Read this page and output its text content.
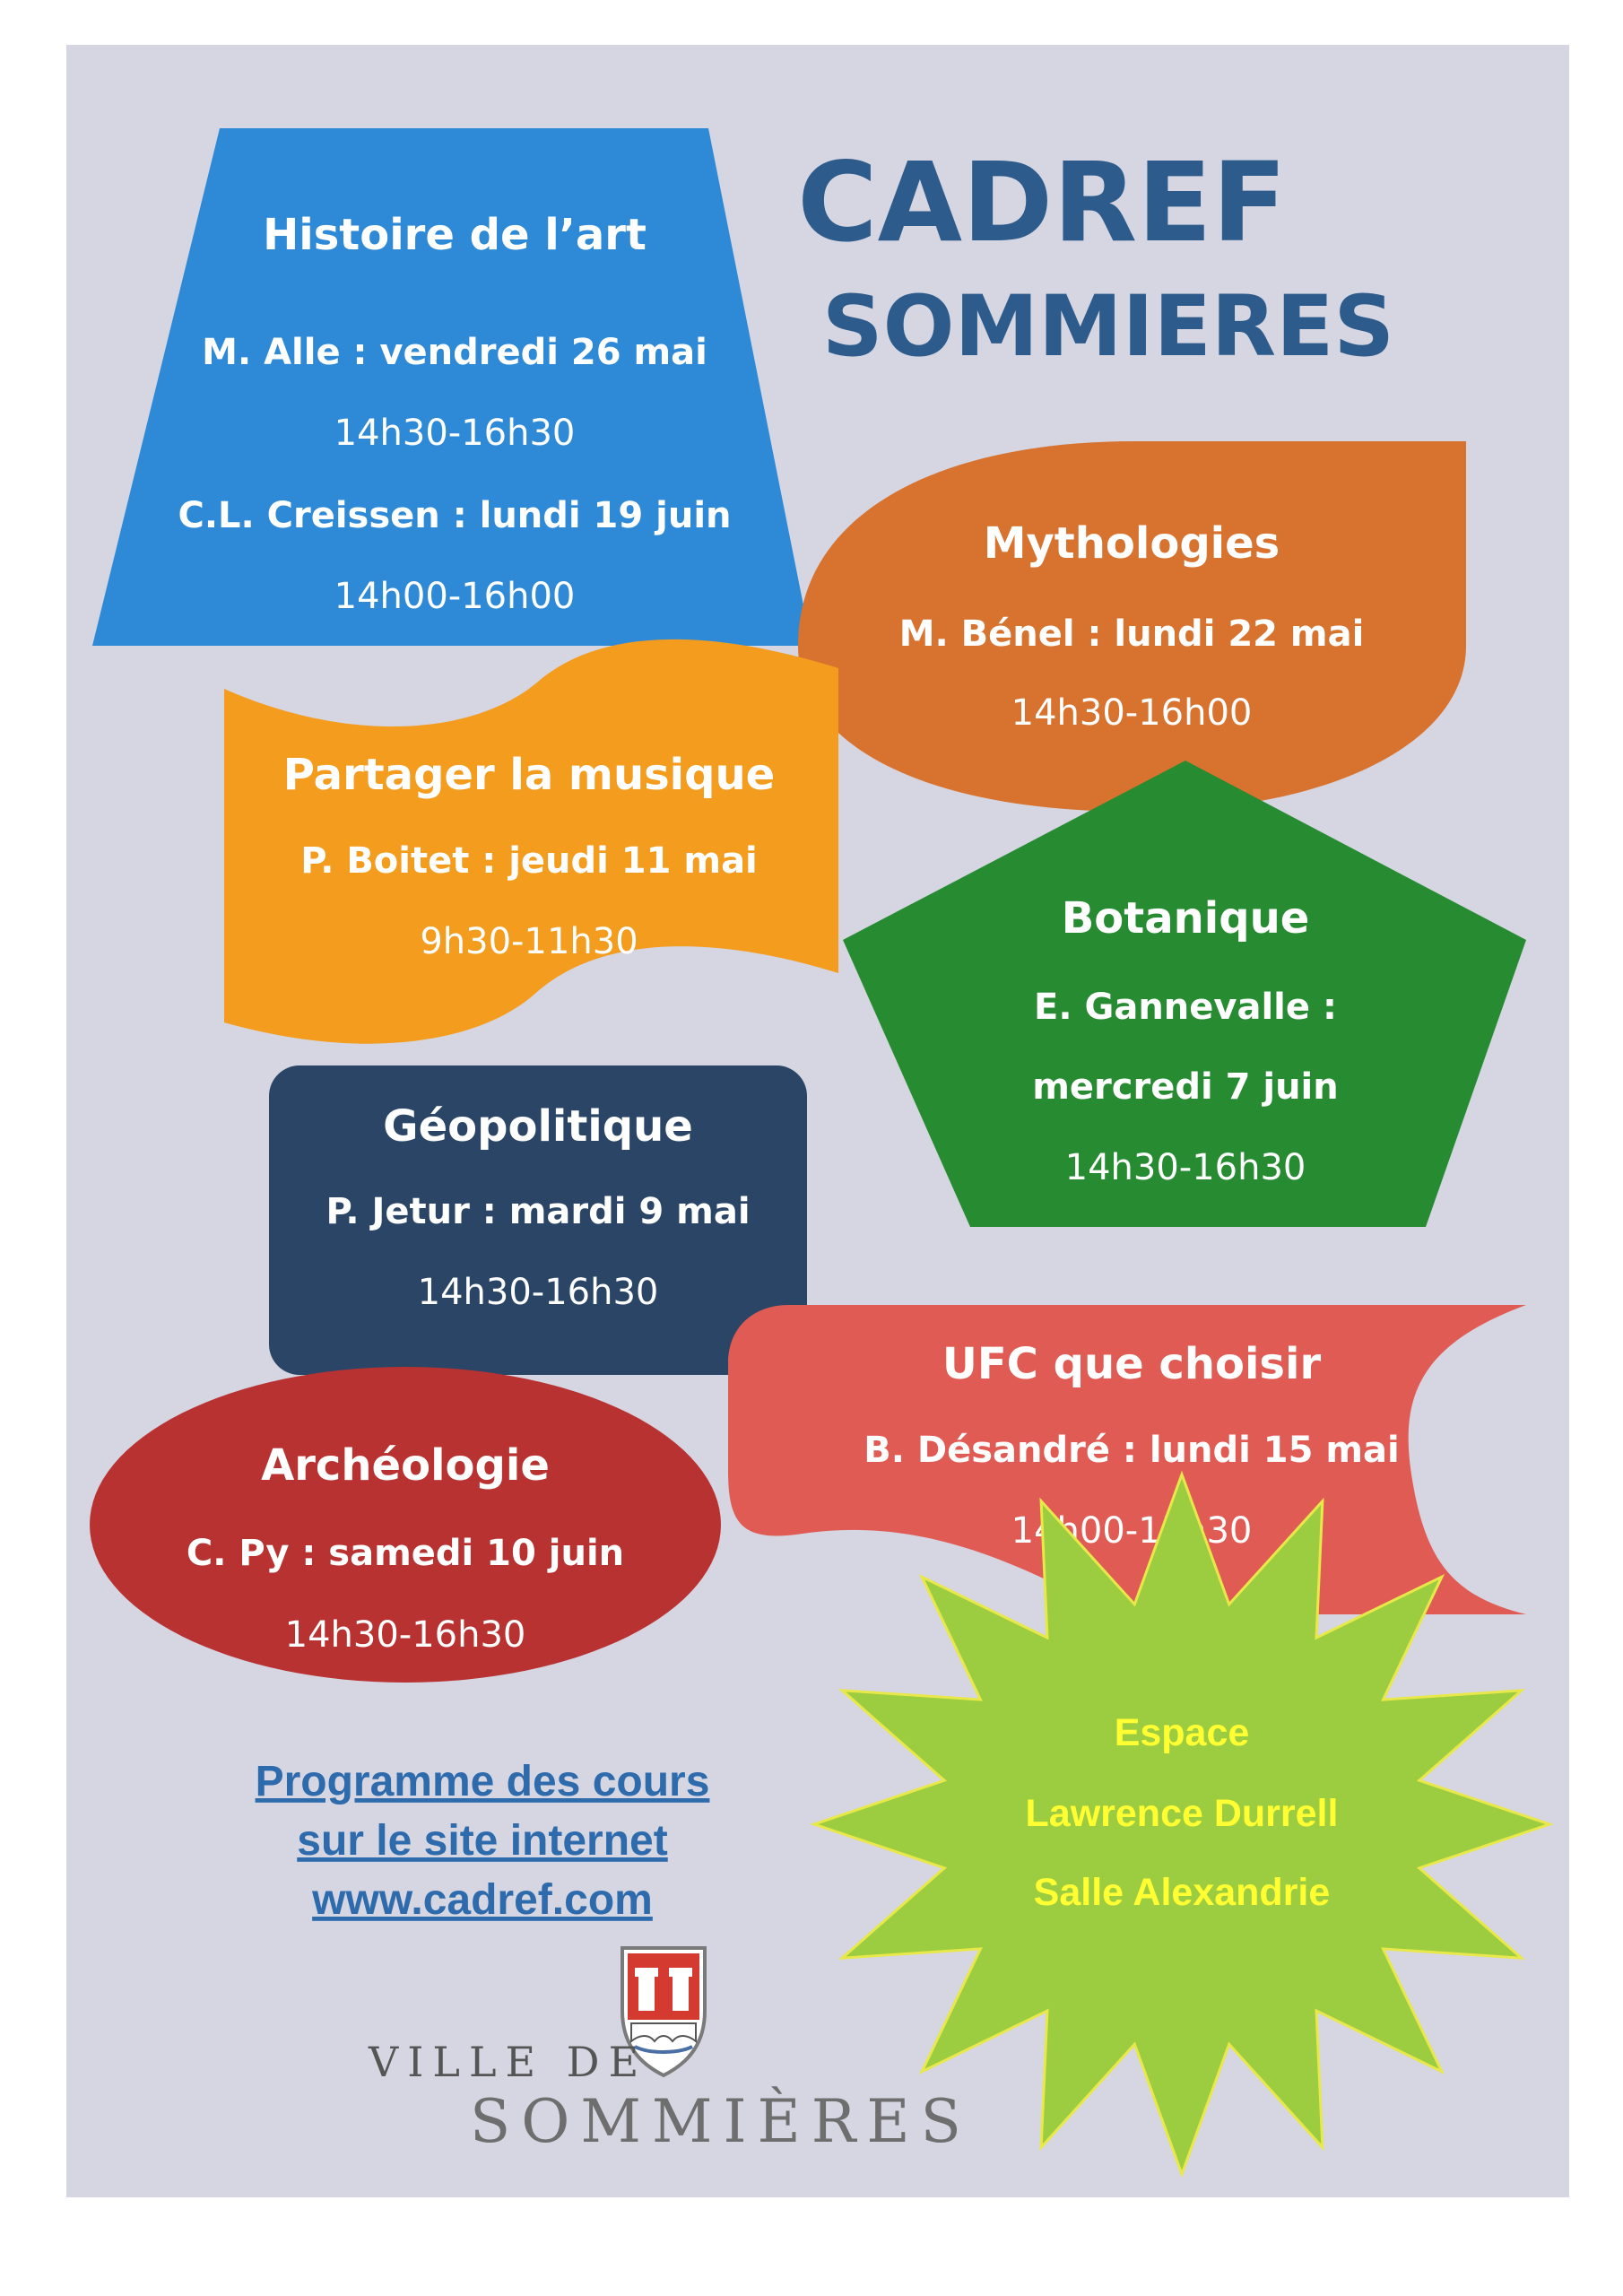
CADREF
SOMMIERES
Histoire de l’art
M. Alle : vendredi 26 mai
14h30-16h30
C.L. Creissen : lundi 19 juin
14h00-16h00
Mythologies
M. Bénel : lundi 22 mai
14h30-16h00
Partager la musique
P. Boitet : jeudi 11 mai
9h30-11h30	Botanique
E. Gannevalle :
mercredi 7 juin
14h30-16h30
Géopolitique
P. Jetur : mardi 9 mai
14h30-16h30
UFC que choisir
B. Désandré : lundi 15 mai
14h00-15h30
Archéologie
C. Py : samedi 10 juin
14h30-16h30
Espace
Lawrence Durrell
Salle Alexandrie
Programme des cours
sur le site internet
www.cadref.com
VILLE DE
SOMMIÈRES
